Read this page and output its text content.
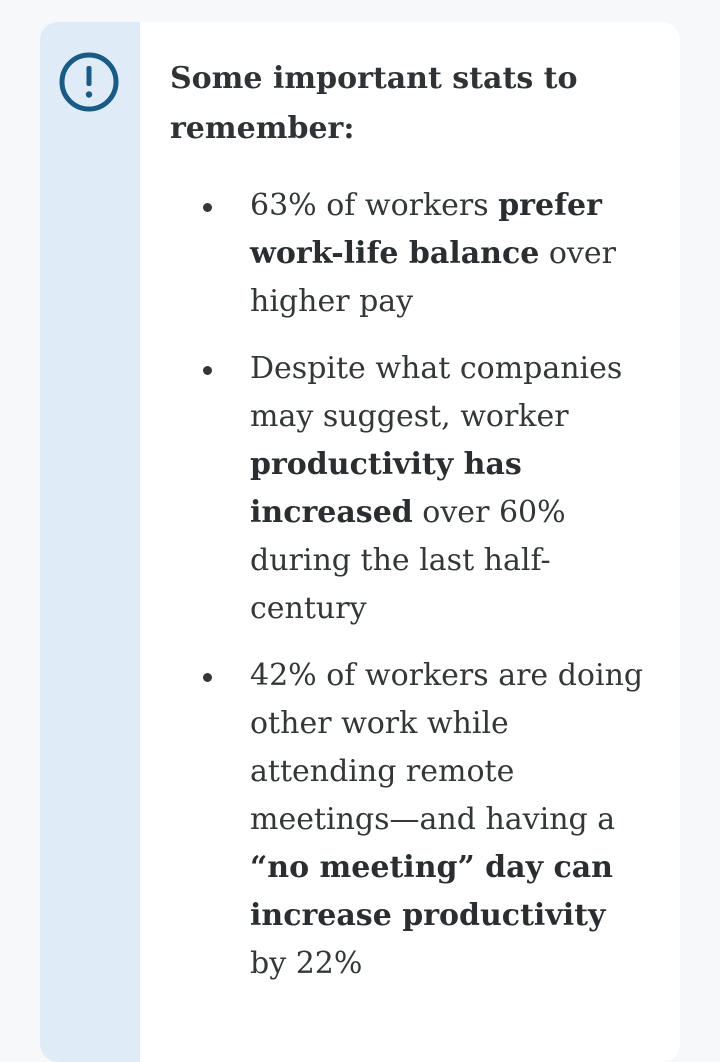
Some important stats to remember:
63% of workers prefer work-life balance over higher pay
Despite what companies may suggest, worker productivity has increased over 60% during the last half-century
42% of workers are doing other work while attending remote meetings—and having a “no meeting” day can increase productivity by 22%
